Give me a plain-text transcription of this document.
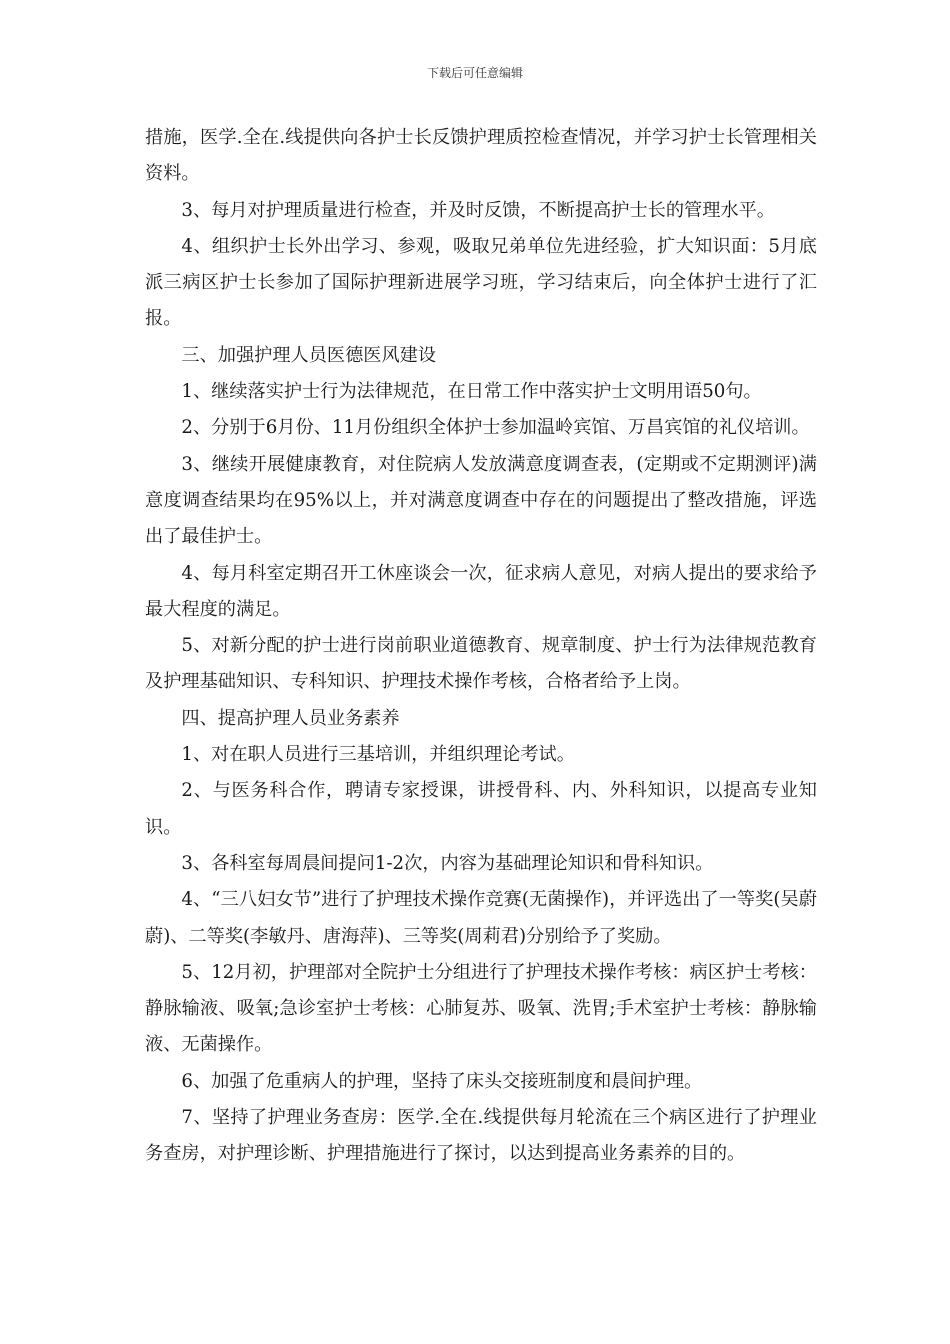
下载后可任意编辑

措施，医学.全在.线提供向各护士长反馈护理质控检查情况，并学习护士长管理相关资料。

3、每月对护理质量进行检查，并及时反馈，不断提高护士长的管理水平。

4、组织护士长外出学习、参观，吸取兄弟单位先进经验，扩大知识面：5月底派三病区护士长参加了国际护理新进展学习班，学习结束后，向全体护士进行了汇报。

三、加强护理人员医德医风建设

1、继续落实护士行为法律规范，在日常工作中落实护士文明用语50句。

2、分别于6月份、11月份组织全体护士参加温岭宾馆、万昌宾馆的礼仪培训。

3、继续开展健康教育，对住院病人发放满意度调查表，(定期或不定期测评)满意度调查结果均在95%以上，并对满意度调查中存在的问题提出了整改措施，评选出了最佳护士。

4、每月科室定期召开工休座谈会一次，征求病人意见，对病人提出的要求给予最大程度的满足。

5、对新分配的护士进行岗前职业道德教育、规章制度、护士行为法律规范教育及护理基础知识、专科知识、护理技术操作考核，合格者给予上岗。

四、提高护理人员业务素养

1、对在职人员进行三基培训，并组织理论考试。

2、与医务科合作，聘请专家授课，讲授骨科、内、外科知识，以提高专业知识。

3、各科室每周晨间提问1-2次，内容为基础理论知识和骨科知识。

4、“三八妇女节”进行了护理技术操作竞赛(无菌操作)，并评选出了一等奖(吴蔚蔚)、二等奖(李敏丹、唐海萍)、三等奖(周莉君)分别给予了奖励。

5、12月初，护理部对全院护士分组进行了护理技术操作考核：病区护士考核：静脉输液、吸氧;急诊室护士考核：心肺复苏、吸氧、洗胃;手术室护士考核：静脉输液、无菌操作。

6、加强了危重病人的护理，坚持了床头交接班制度和晨间护理。

7、坚持了护理业务查房：医学.全在.线提供每月轮流在三个病区进行了护理业务查房，对护理诊断、护理措施进行了探讨，以达到提高业务素养的目的。
